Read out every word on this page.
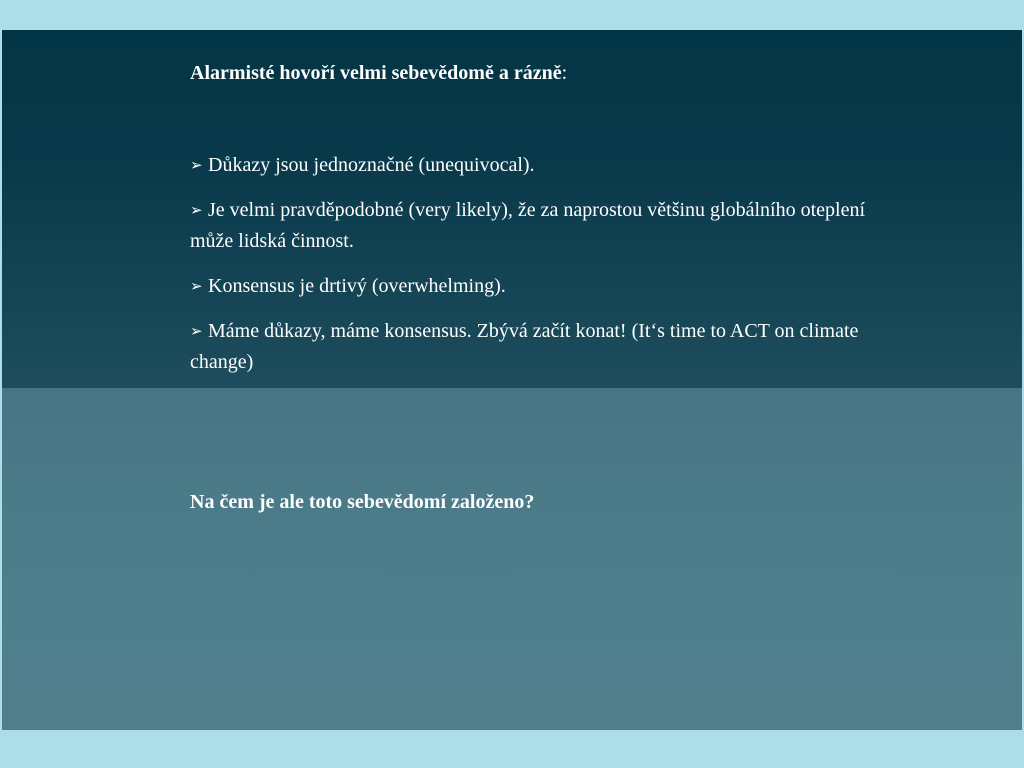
Alarmisté hovoří velmi sebevědomě a rázně:

➢ Důkazy jsou jednoznačné (unequivocal).
➢ Je velmi pravděpodobné (very likely), že za naprostou většinu globálního oteplení může lidská činnost.
➢ Konsensus je drtivý (overwhelming).
➢ Máme důkazy, máme konsensus. Zbývá začít konat! (It‘s time to ACT on climate change)

Na čem je ale toto sebevědomí založeno?
